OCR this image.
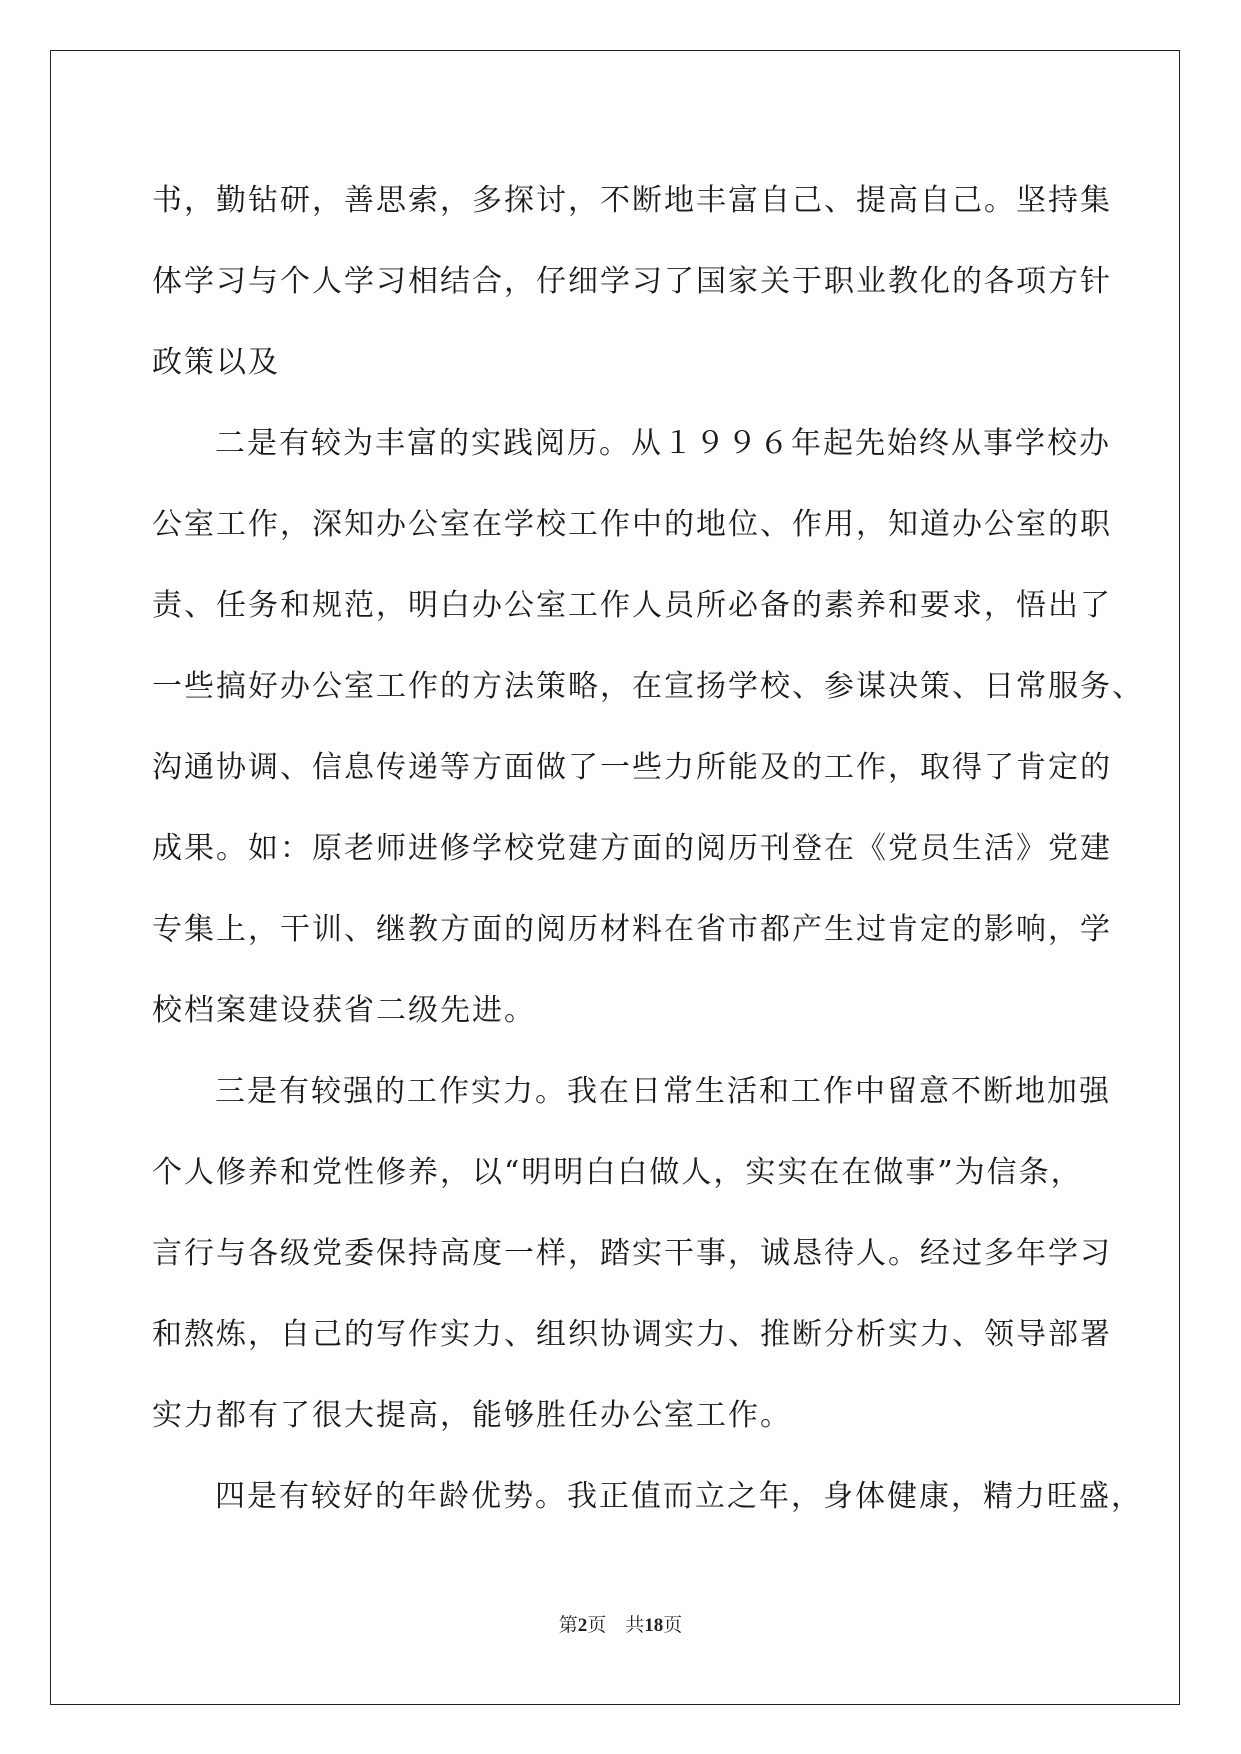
书，勤钻研，善思索，多探讨，不断地丰富自己、提高自己。坚持集
体学习与个人学习相结合，仔细学习了国家关于职业教化的各项方针
政策以及
二是有较为丰富的实践阅历。从１９９６年起先始终从事学校办
公室工作，深知办公室在学校工作中的地位、作用，知道办公室的职
责、任务和规范，明白办公室工作人员所必备的素养和要求，悟出了
一些搞好办公室工作的方法策略，在宣扬学校、参谋决策、日常服务、
沟通协调、信息传递等方面做了一些力所能及的工作，取得了肯定的
成果。如：原老师进修学校党建方面的阅历刊登在《党员生活》党建
专集上，干训、继教方面的阅历材料在省市都产生过肯定的影响，学
校档案建设获省二级先进。
三是有较强的工作实力。我在日常生活和工作中留意不断地加强
个人修养和党性修养，以“明明白白做人，实实在在做事”为信条，
言行与各级党委保持高度一样，踏实干事，诚恳待人。经过多年学习
和熬炼，自己的写作实力、组织协调实力、推断分析实力、领导部署
实力都有了很大提高，能够胜任办公室工作。
四是有较好的年龄优势。我正值而立之年，身体健康，精力旺盛，
第2页 共18页
